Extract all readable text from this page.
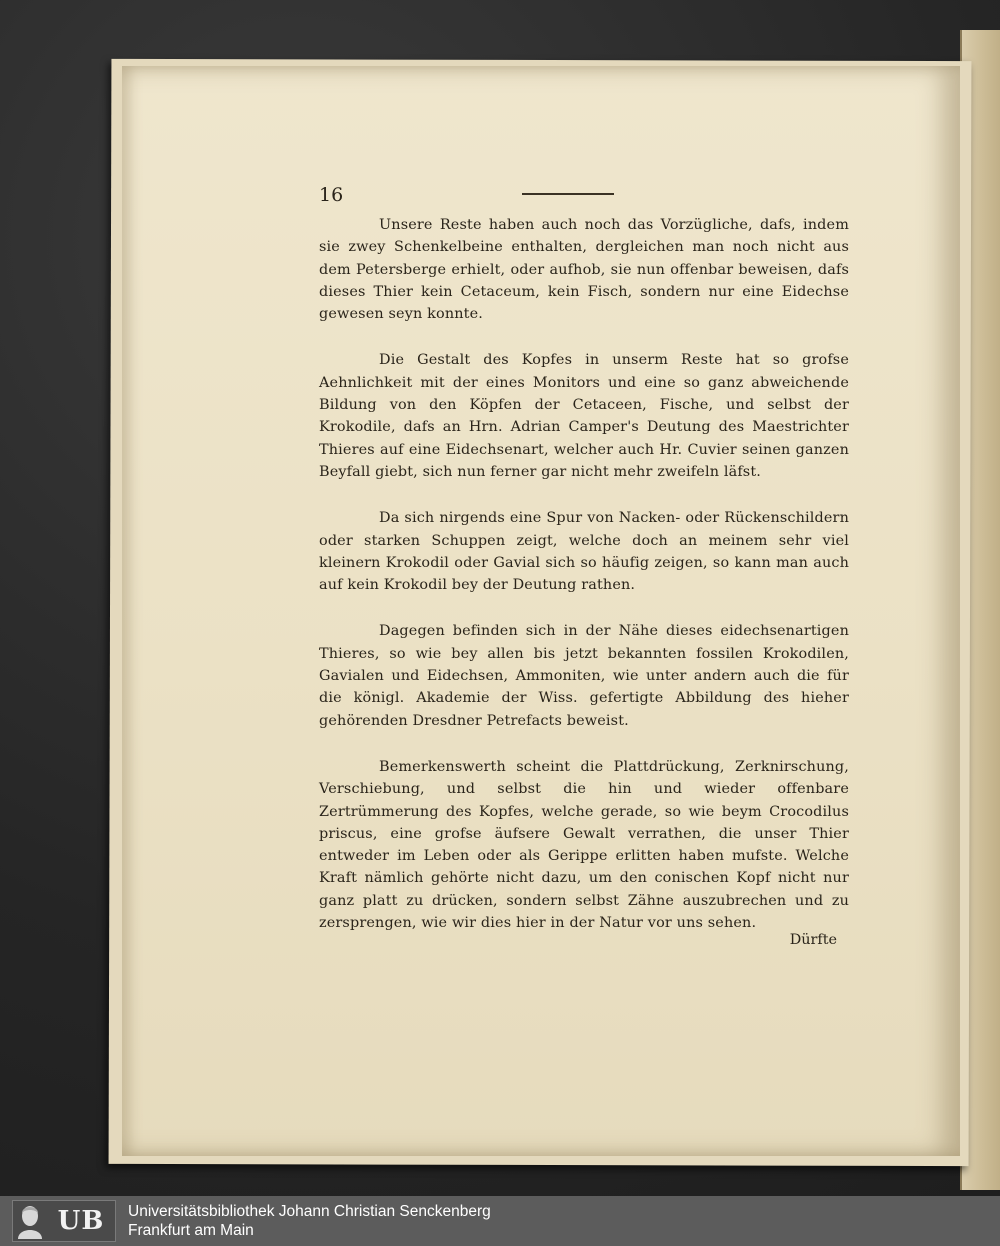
16

Unsere Reste haben auch noch das Vorzügliche, dafs, indem sie zwey Schenkelbeine enthalten, dergleichen man noch nicht aus dem Petersberge erhielt, oder aufhob, sie nun offenbar beweisen, dafs dieses Thier kein Cetaceum, kein Fisch, sondern nur eine Eidechse gewesen seyn konnte.

Die Gestalt des Kopfes in unserm Reste hat so grofse Aehnlichkeit mit der eines Monitors und eine so ganz abweichende Bildung von den Köpfen der Cetaceen, Fische, und selbst der Krokodile, dafs an Hrn. Adrian Camper's Deutung des Maestrichter Thieres auf eine Eidechsenart, welcher auch Hr. Cuvier seinen ganzen Beyfall giebt, sich nun ferner gar nicht mehr zweifeln läfst.

Da sich nirgends eine Spur von Nacken- oder Rückenschildern oder starken Schuppen zeigt, welche doch an meinem sehr viel kleinern Krokodil oder Gavial sich so häufig zeigen, so kann man auch auf kein Krokodil bey der Deutung rathen.

Dagegen befinden sich in der Nähe dieses eidechsenartigen Thieres, so wie bey allen bis jetzt bekannten fossilen Krokodilen, Gavialen und Eidechsen, Ammoniten, wie unter andern auch die für die königl. Akademie der Wiss. gefertigte Abbildung des hieher gehörenden Dresdner Petrefacts beweist.

Bemerkenswerth scheint die Plattdrückung, Zerknirschung, Verschiebung, und selbst die hin und wieder offenbare Zertrümmerung des Kopfes, welche gerade, so wie beym Crocodilus priscus, eine grofse äufsere Gewalt verrathen, die unser Thier entweder im Leben oder als Gerippe erlitten haben mufste. Welche Kraft nämlich gehörte nicht dazu, um den conischen Kopf nicht nur ganz platt zu drücken, sondern selbst Zähne auszubrechen und zu zersprengen, wie wir dies hier in der Natur vor uns sehen.

Dürfte
UB	Universitätsbibliothek Johann Christian Senckenberg
Frankfurt am Main
